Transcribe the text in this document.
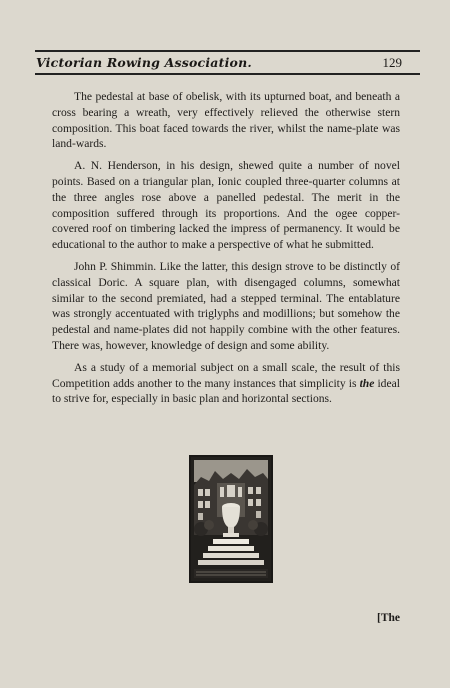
Victorian Rowing Association.	129

The pedestal at base of obelisk, with its upturned boat, and beneath a cross bearing a wreath, very effectively relieved the otherwise stern composition. This boat faced towards the river, whilst the name-plate was land-wards.

A. N. Henderson, in his design, shewed quite a number of novel points. Based on a triangular plan, Ionic coupled three-quarter columns at the three angles rose above a panelled pedestal. The merit in the composition suffered through its proportions. And the ogee copper-covered roof on timbering lacked the impress of permanency. It would be educational to the author to make a perspective of what he submitted.

John P. Shimmin. Like the latter, this design strove to be distinctly of classical Doric. A square plan, with disengaged columns, somewhat similar to the second premiated, had a stepped terminal. The entablature was strongly accentuated with triglyphs and modillions; but somehow the pedestal and name-plates did not happily combine with the other features. There was, however, knowledge of design and some ability.

As a study of a memorial subject on a small scale, the result of this Competition adds another to the many instances that simplicity is the ideal to strive for, especially in basic plan and horizontal sections.

[The
